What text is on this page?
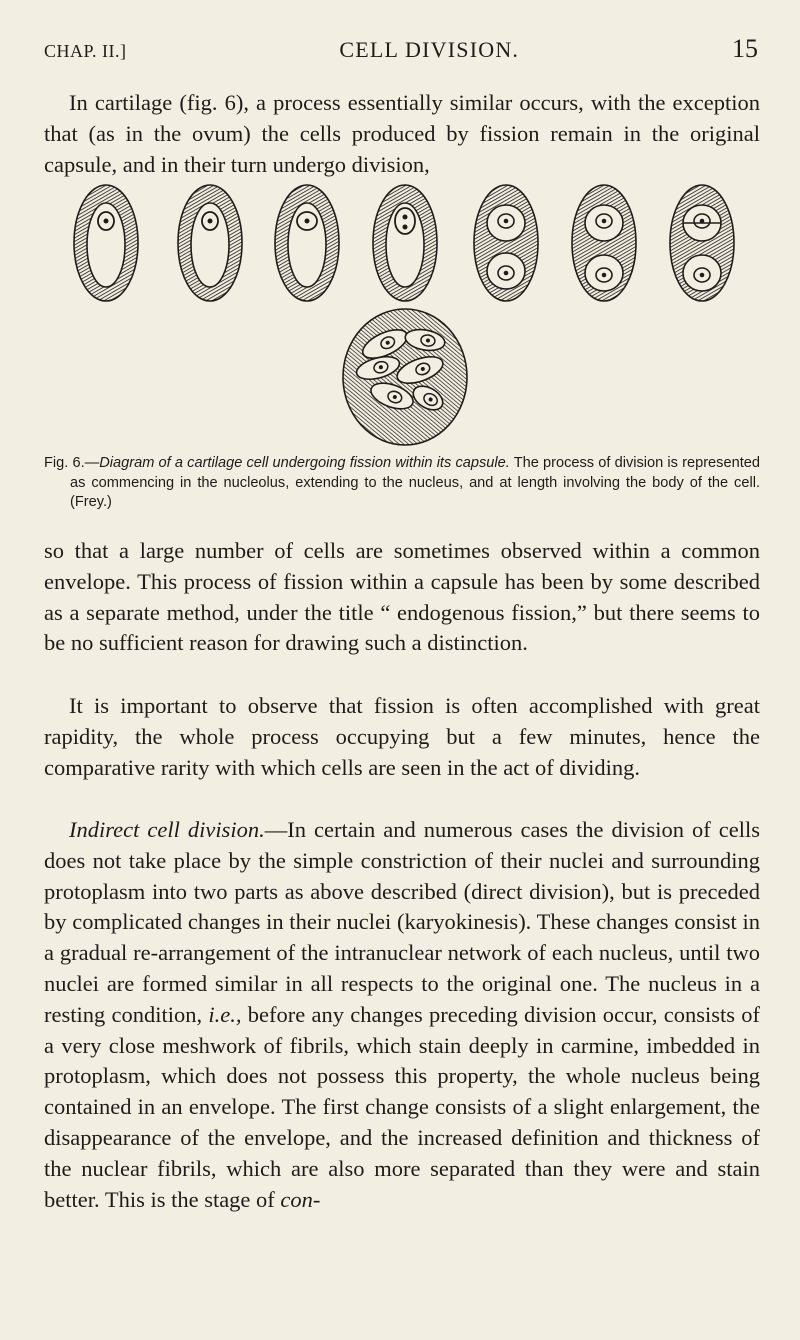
CHAP. II.]	CELL DIVISION.	15

In cartilage (fig. 6), a process essentially similar occurs, with the exception that (as in the ovum) the cells produced by fission remain in the original capsule, and in their turn undergo division,

Fig. 6.—Diagram of a cartilage cell undergoing fission within its capsule. The process of division is represented as commencing in the nucleolus, extending to the nucleus, and at length involving the body of the cell. (Frey.)

so that a large number of cells are sometimes observed within a common envelope. This process of fission within a capsule has been by some described as a separate method, under the title “ endogenous fission,” but there seems to be no sufficient reason for drawing such a distinction.

It is important to observe that fission is often accomplished with great rapidity, the whole process occupying but a few minutes, hence the comparative rarity with which cells are seen in the act of dividing.

Indirect cell division.—In certain and numerous cases the division of cells does not take place by the simple constriction of their nuclei and surrounding protoplasm into two parts as above described (direct division), but is preceded by complicated changes in their nuclei (karyokinesis). These changes consist in a gradual re-arrangement of the intranuclear network of each nucleus, until two nuclei are formed similar in all respects to the original one. The nucleus in a resting condition, i.e., before any changes preceding division occur, consists of a very close meshwork of fibrils, which stain deeply in carmine, imbedded in protoplasm, which does not possess this property, the whole nucleus being contained in an envelope. The first change consists of a slight enlargement, the disappearance of the envelope, and the increased definition and thickness of the nuclear fibrils, which are also more separated than they were and stain better. This is the stage of con-
